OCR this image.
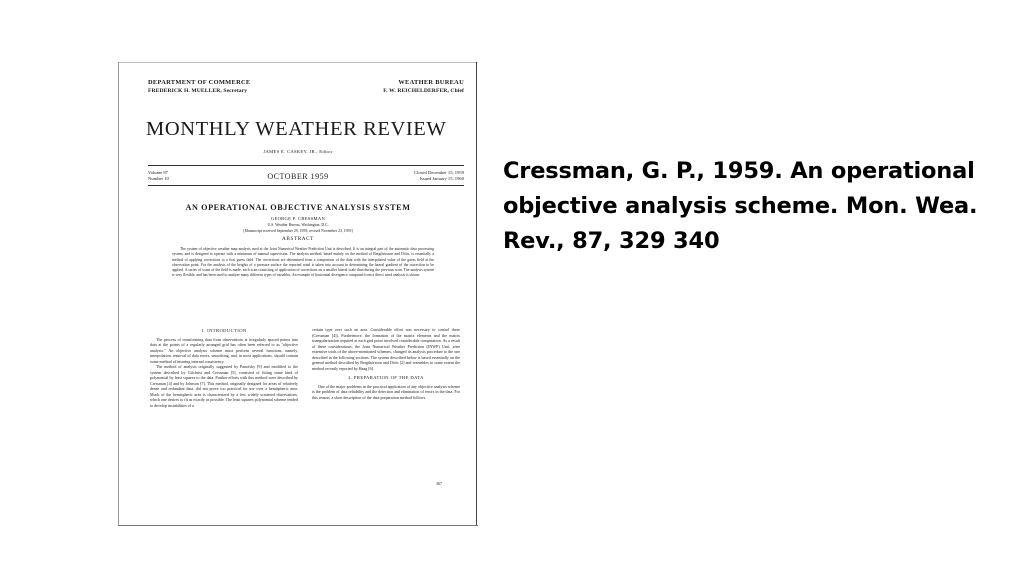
DEPARTMENT OF COMMERCE
FREDERICK H. MUELLER, Secretary
WEATHER BUREAU
F. W. REICHELDERFER, Chief
MONTHLY WEATHER REVIEW
JAMES E. CASKEY, JR., Editor
Volume 87
Number 10	OCTOBER 1959	Closed December 15, 1959
Issued January 15, 1960
AN OPERATIONAL OBJECTIVE ANALYSIS SYSTEM
GEORGE P. CRESSMAN
U.S. Weather Bureau, Washington, D.C.
[Manuscript received September 29, 1959; revised November 23, 1959]
ABSTRACT
The system of objective weather map analysis used at the Joint Numerical Weather Prediction Unit is described. It is an integral part of the automatic data processing system, and is designed to operate with a minimum of manual supervision. The analysis method, based mainly on the method of Bergthórsson and Döös, is essentially a method of applying corrections to a first guess field. The corrections are determined from a comparison of the data with the interpolated value of the guess field at the observation point. For the analysis of the heights of a pressure surface the reported wind is taken into account in determining the lateral gradient of the correction to be applied. A series of scans of the field is made, each scan consisting of application of corrections on a smaller lateral scale than during the previous scan. The analysis system is very flexible, and has been used to analyze many different types of variables. An example of horizontal divergence computed from a direct wind analysis is shown.
1. INTRODUCTION

The process of transforming data from observations at irregularly spaced points into data at the points of a regularly arranged grid has often been referred to as "objective analysis." An objective analysis scheme must perform several functions, namely, interpolation, removal of data errors, smoothing, and, in most applications, should contain some method of insuring internal consistency.

The method of analysis originally suggested by Panofsky [9] and modified to the system described by Gilchrist and Cressman [5], consisted of fitting some kind of polynomial by least squares to the data. Further efforts with this method were described by Cressman [4] and by Johnson [7]. This method, originally designed for areas of relatively dense and redundant data, did not prove too practical for use over a hemispheric area. Much of the hemispheric area is characterized by a few widely scattered observations, which one desires to fit as exactly as possible. The least squares polynomial scheme tended to develop instabilities of a

certain type over such an area. Considerable effort was necessary to control these (Cressman [4]). Furthermore, the formation of the matrix elements and the matrix triangularization required at each grid point involved considerable computation. As a result of these considerations, the Joint Numerical Weather Prediction (JNWP) Unit, after extensive trials of the above-mentioned schemes, changed its analysis procedure to the one described in the following sections. The system described below is based essentially on the general method described by Bergthórsson and Döös [2] and resembles to some extent the method recently reported by Haag [6].

2. PREPARATION OF THE DATA

One of the major problems in the practical application of any objective analysis scheme is the problem of data reliability and the detection and elimination of errors in the data. For this reason, a short description of the data preparation method follows.

367
Cressman, G. P., 1959. An operational objective analysis scheme. Mon. Wea. Rev., 87, 329 340
